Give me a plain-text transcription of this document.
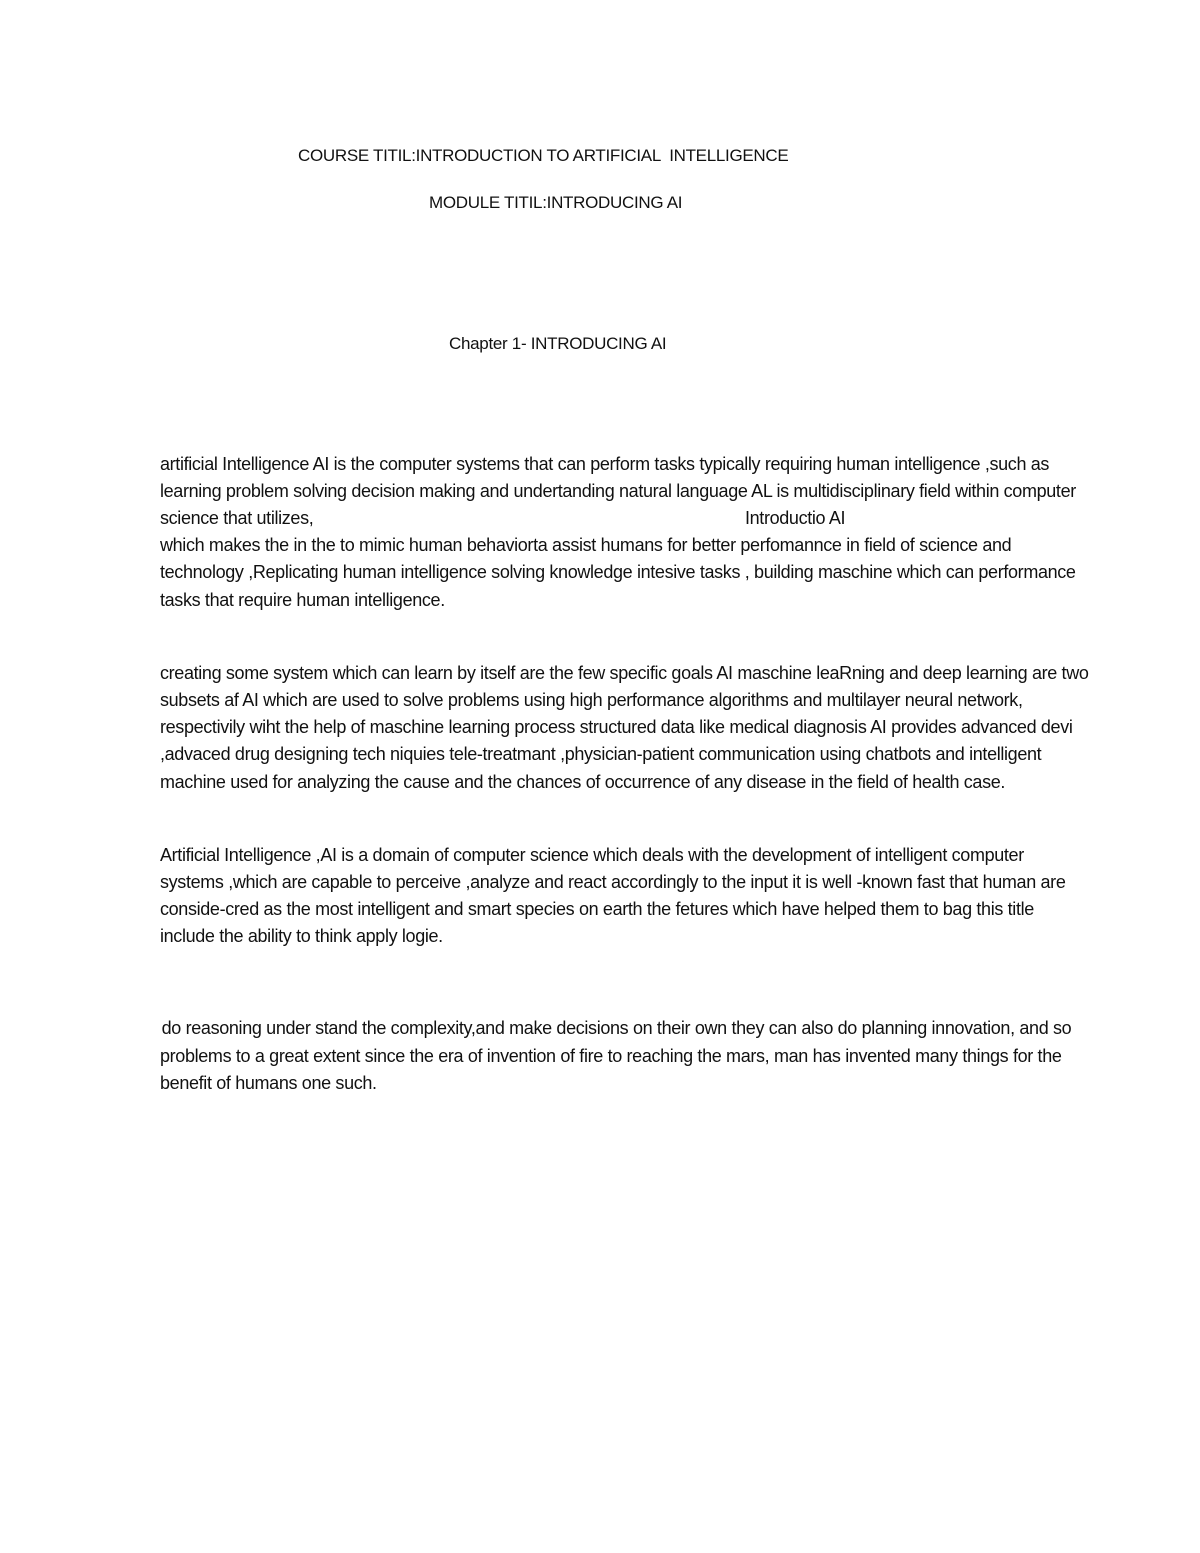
COURSE TITIL:INTRODUCTION TO ARTIFICIAL  INTELLIGENCE
MODULE TITIL:INTRODUCING AI
Chapter 1- INTRODUCING AI
artificial Intelligence AI is the computer systems that can perform tasks typically requiring human intelligence ,such as
learning problem solving decision making and undertanding natural language AL is multidisciplinary field within computer
science that utilizes,	Introductio AI
which makes the in the to mimic human behaviorta assist humans for better perfomannce in field of science and
technology ,Replicating human intelligence solving knowledge intesive tasks , building maschine which can performance
tasks that require human intelligence.
creating some system which can learn by itself are the few specific goals AI maschine leaRning and deep learning are two
subsets af AI which are used to solve problems using high performance algorithms and multilayer neural network,
respectivily wiht the help of maschine learning process structured data like medical diagnosis AI provides advanced devi
,advaced drug designing tech niquies tele-treatmant ,physician-patient communication using chatbots and intelligent
machine used for analyzing the cause and the chances of occurrence of any disease in the field of health case.
Artificial Intelligence ,AI is a domain of computer science which deals with the development of intelligent computer
systems ,which are capable to perceive ,analyze and react accordingly to the input it is well -known fast that human are
conside-cred as the most intelligent and smart species on earth the fetures which have helped them to bag this title
include the ability to think apply logie.
do reasoning under stand the complexity,and make decisions on their own they can also do planning innovation, and so
problems to a great extent since the era of invention of fire to reaching the mars, man has invented many things for the
benefit of humans one such.
